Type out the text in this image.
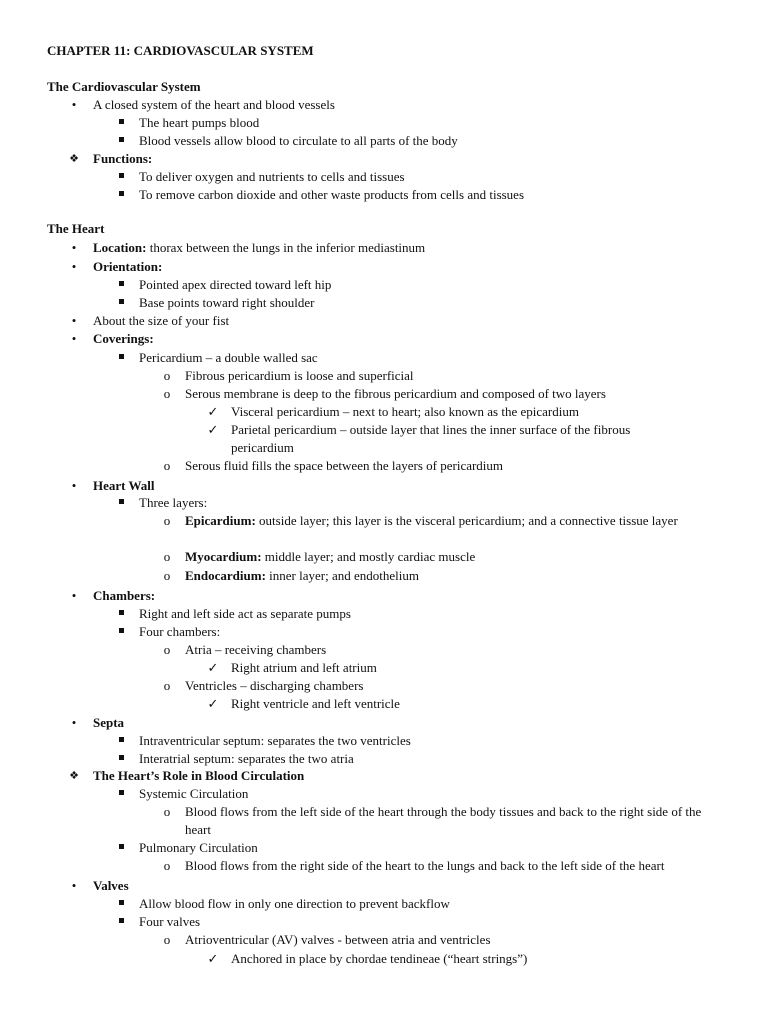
CHAPTER 11: CARDIOVASCULAR SYSTEM
The Cardiovascular System
•	A closed system of the heart and blood vessels
The heart pumps blood
Blood vessels allow blood to circulate to all parts of the body
❖ Functions:
To deliver oxygen and nutrients to cells and tissues
To remove carbon dioxide and other waste products from cells and tissues
The Heart
•	Location: thorax between the lungs in the inferior mediastinum
•	Orientation:
Pointed apex directed toward left hip
Base points toward right shoulder
•	About the size of your fist
•	Coverings:
Pericardium – a double walled sac
o Fibrous pericardium is loose and superficial
o Serous membrane is deep to the fibrous pericardium and composed of two layers
✓ Visceral pericardium – next to heart; also known as the epicardium
✓ Parietal pericardium – outside layer that lines the inner surface of the fibrous pericardium
o Serous fluid fills the space between the layers of pericardium
•	Heart Wall
Three layers:
o Epicardium: outside layer; this layer is the visceral pericardium; and a connective tissue layer
o Myocardium: middle layer; and mostly cardiac muscle
o Endocardium: inner layer; and endothelium
•	Chambers:
Right and left side act as separate pumps
Four chambers:
o Atria – receiving chambers
✓ Right atrium and left atrium
o Ventricles – discharging chambers
✓ Right ventricle and left ventricle
•	Septa
Intraventricular septum: separates the two ventricles
Interatrial septum: separates the two atria
❖ The Heart’s Role in Blood Circulation
Systemic Circulation
o Blood flows from the left side of the heart through the body tissues and back to the right side of the heart
Pulmonary Circulation
o Blood flows from the right side of the heart to the lungs and back to the left side of the heart
•	Valves
Allow blood flow in only one direction to prevent backflow
Four valves
o Atrioventricular (AV) valves - between atria and ventricles
✓ Anchored in place by chordae tendineae (“heart strings”)
